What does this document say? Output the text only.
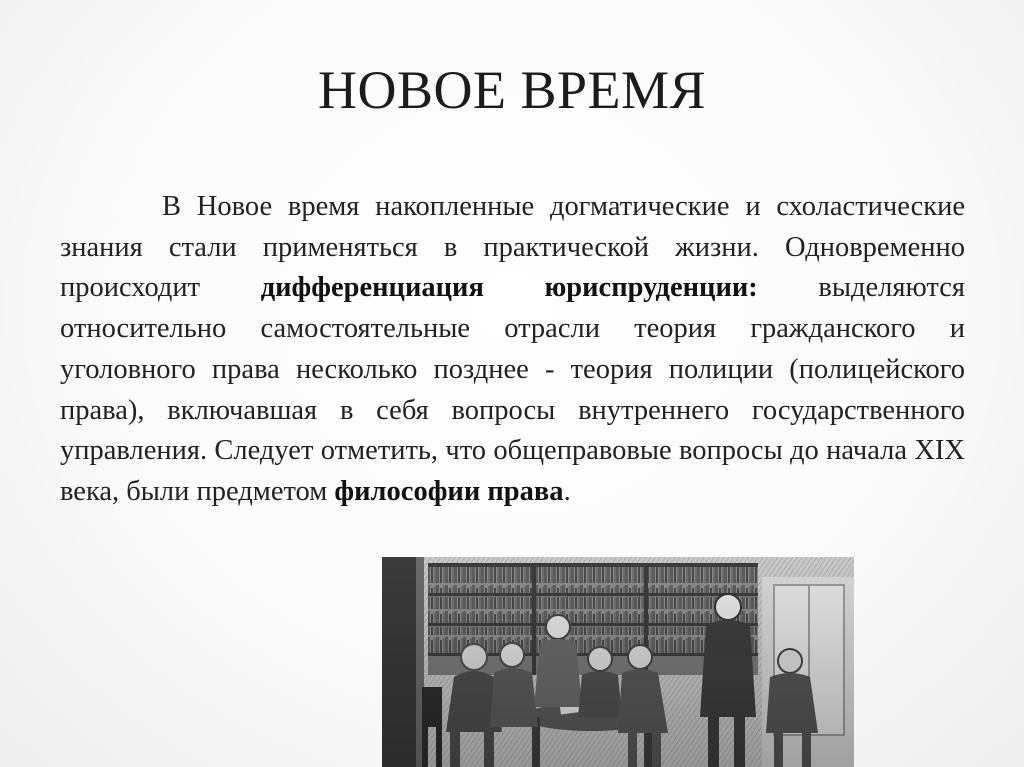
НОВОЕ ВРЕМЯ
В Новое время накопленные догматические и схоластические знания стали применяться в практической жизни. Одновременно происходит дифференциация юриспруденции: выделяются относительно самостоятельные отрасли теория гражданского и уголовного права несколько позднее - теория полиции (полицейского права), включавшая в себя вопросы внутреннего государственного управления. Следует отметить, что общеправовые вопросы до начала XIX века, были предметом философии права.
